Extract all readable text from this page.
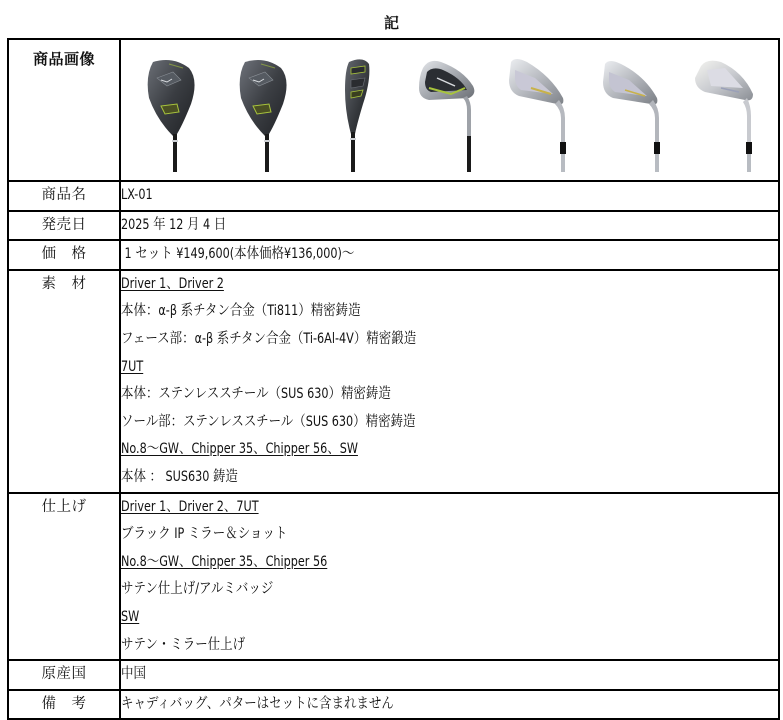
記
商品画像	

商品名	LX-01

発売日	2025 年 12 月 4 日

価　格	1 セット ¥149,600(本体価格¥136,000)～

素　材	Driver 1、Driver 2
本体：α-β 系チタン合金（Ti811）精密鋳造
フェース部：α-β 系チタン合金（Ti-6Al-4V）精密鍛造
7UT
本体：ステンレススチール（SUS 630）精密鋳造
ソール部：ステンレススチール（SUS 630）精密鋳造
No.8～GW、Chipper 35、Chipper 56、SW
本体 ： SUS630 鋳造

仕上げ	Driver 1、Driver 2、7UT
ブラック IP ミラー＆ショット
No.8～GW、Chipper 35、Chipper 56
サテン仕上げ/アルミバッジ
SW
サテン・ミラー仕上げ

原産国	中国

備　考	キャディバッグ、パターはセットに含まれません
